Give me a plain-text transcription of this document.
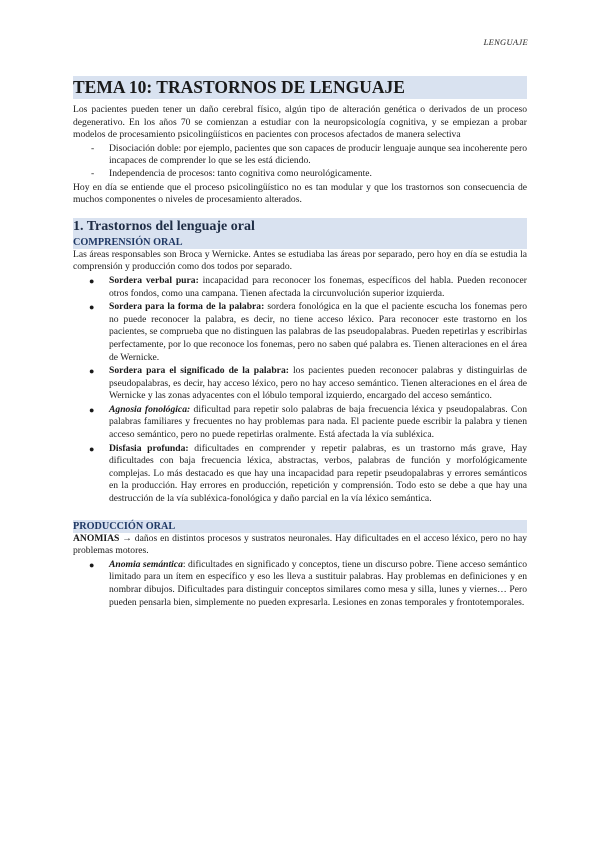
LENGUAJE
TEMA 10: TRASTORNOS DE LENGUAJE

Los pacientes pueden tener un daño cerebral físico, algún tipo de alteración genética o derivados de un proceso degenerativo. En los años 70 se comienzan a estudiar con la neuropsicología cognitiva, y se empiezan a probar modelos de procesamiento psicolingüísticos en pacientes con procesos afectados de manera selectiva

- Disociación doble: por ejemplo, pacientes que son capaces de producir lenguaje aunque sea incoherente pero incapaces de comprender lo que se les está diciendo.
- Independencia de procesos: tanto cognitiva como neurológicamente.

Hoy en día se entiende que el proceso psicolingüístico no es tan modular y que los trastornos son consecuencia de muchos componentes o niveles de procesamiento alterados.

1. Trastornos del lenguaje oral
COMPRENSIÓN ORAL

Las áreas responsables son Broca y Wernicke. Antes se estudiaba las áreas por separado, pero hoy en día se estudia la comprensión y producción como dos todos por separado.

● Sordera verbal pura: incapacidad para reconocer los fonemas, específicos del habla. Pueden reconocer otros fondos, como una campana. Tienen afectada la circunvolución superior izquierda.
● Sordera para la forma de la palabra: sordera fonológica en la que el paciente escucha los fonemas pero no puede reconocer la palabra, es decir, no tiene acceso léxico. Para reconocer este trastorno en los pacientes, se comprueba que no distinguen las palabras de las pseudopalabras. Pueden repetirlas y escribirlas perfectamente, por lo que reconoce los fonemas, pero no saben qué palabra es. Tienen alteraciones en el área de Wernicke.
● Sordera para el significado de la palabra: los pacientes pueden reconocer palabras y distinguirlas de pseudopalabras, es decir, hay acceso léxico, pero no hay acceso semántico. Tienen alteraciones en el área de Wernicke y las zonas adyacentes con el lóbulo temporal izquierdo, encargado del acceso semántico.
● Agnosia fonológica: dificultad para repetir solo palabras de baja frecuencia léxica y pseudopalabras. Con palabras familiares y frecuentes no hay problemas para nada. El paciente puede escribir la palabra y tienen acceso semántico, pero no puede repetirlas oralmente. Está afectada la vía subléxica.
● Disfasia profunda: dificultades en comprender y repetir palabras, es un trastorno más grave, Hay dificultades con baja frecuencia léxica, abstractas, verbos, palabras de función y morfológicamente complejas. Lo más destacado es que hay una incapacidad para repetir pseudopalabras y errores semánticos en la producción. Hay errores en producción, repetición y comprensión. Todo esto se debe a que hay una destrucción de la vía subléxica-fonológica y daño parcial en la vía léxico semántica.
PRODUCCIÓN ORAL

ANOMIAS → daños en distintos procesos y sustratos neuronales. Hay dificultades en el acceso léxico, pero no hay problemas motores.

● Anomia semántica: dificultades en significado y conceptos, tiene un discurso pobre. Tiene acceso semántico limitado para un ítem en específico y eso les lleva a sustituir palabras. Hay problemas en definiciones y en nombrar dibujos. Dificultades para distinguir conceptos similares como mesa y silla, lunes y viernes… Pero pueden pensarla bien, simplemente no pueden expresarla. Lesiones en zonas temporales y frontotemporales.
